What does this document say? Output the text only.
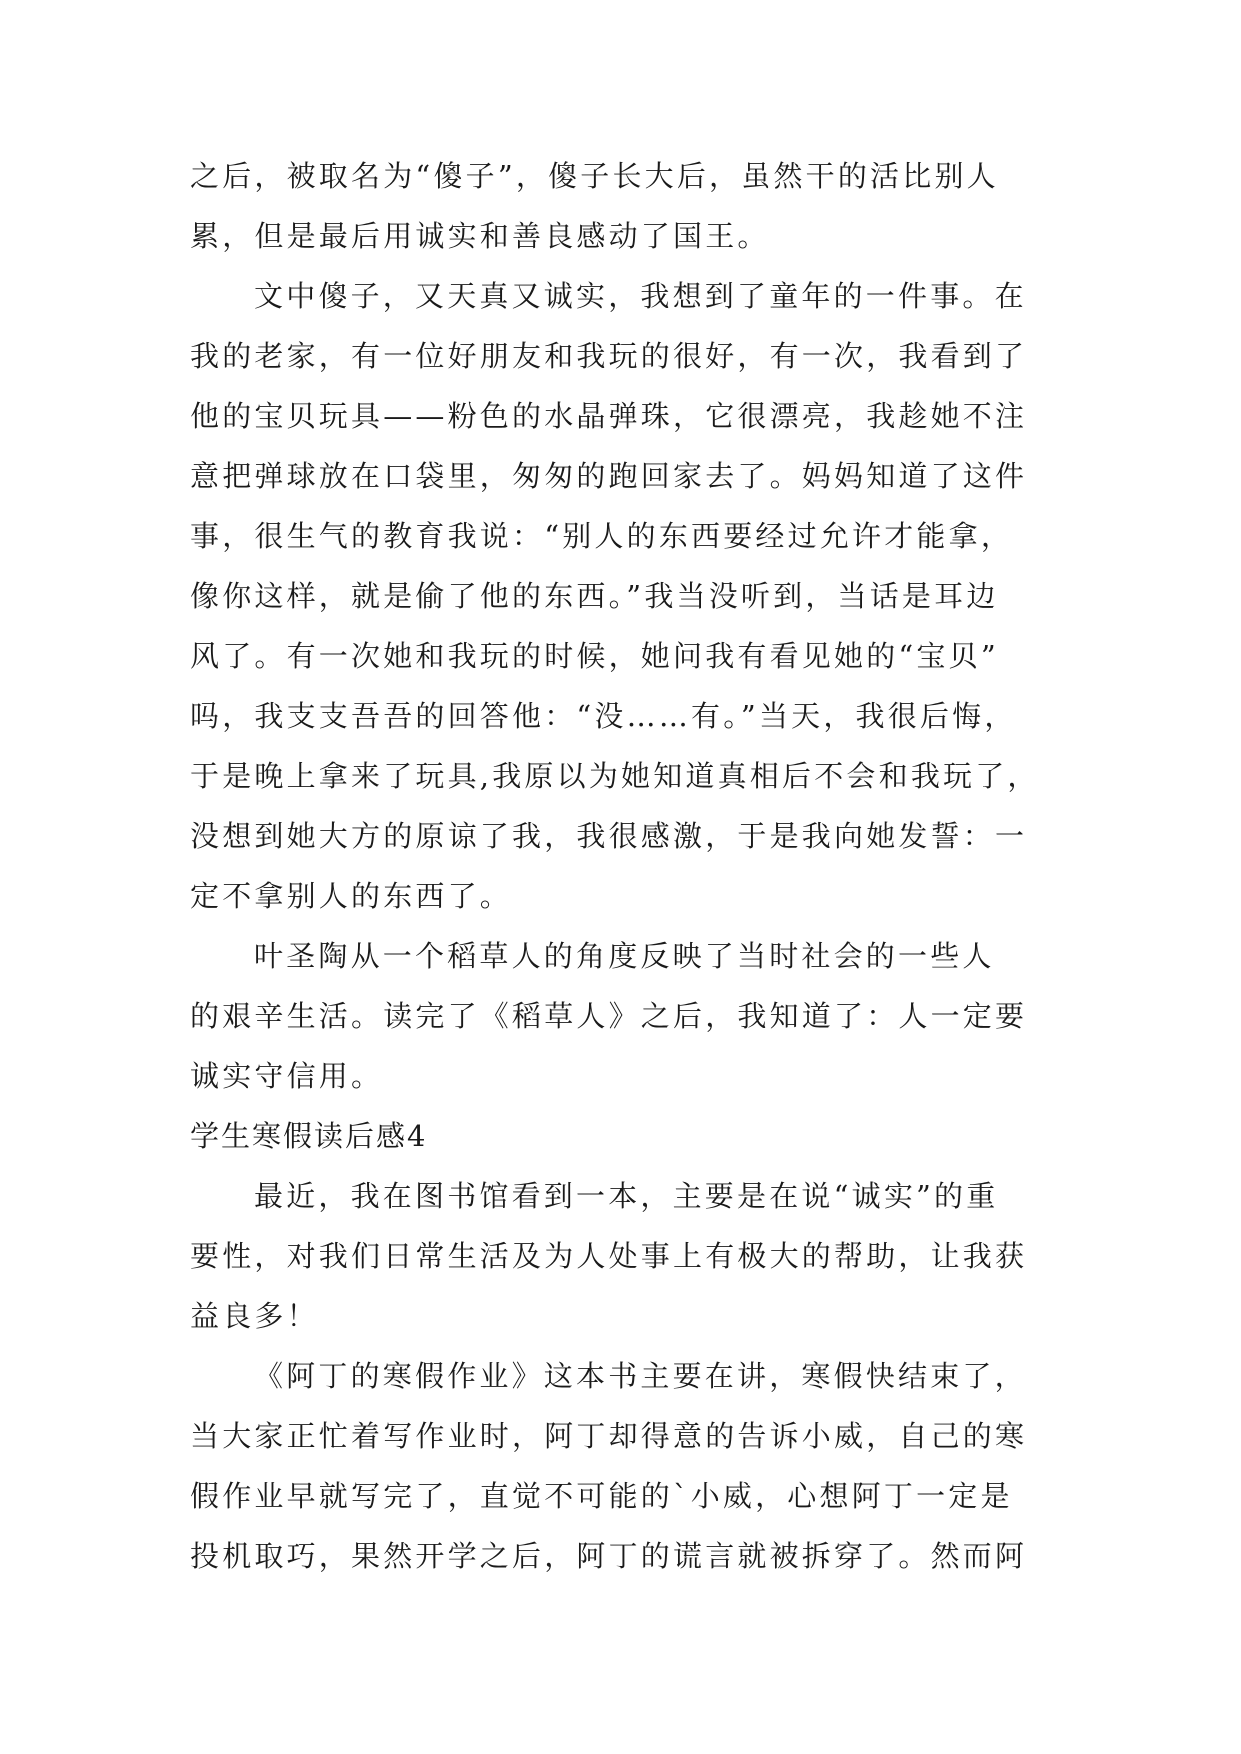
之后，被取名为“傻子”，傻子长大后，虽然干的活比别人
累，但是最后用诚实和善良感动了国王。
文中傻子，又天真又诚实，我想到了童年的一件事。在
我的老家，有一位好朋友和我玩的很好，有一次，我看到了
他的宝贝玩具——粉色的水晶弹珠，它很漂亮，我趁她不注
意把弹球放在口袋里，匆匆的跑回家去了。妈妈知道了这件
事，很生气的教育我说：“别人的东西要经过允许才能拿，
像你这样，就是偷了他的东西。”我当没听到，当话是耳边
风了。有一次她和我玩的时候，她问我有看见她的“宝贝”
吗，我支支吾吾的回答他：“没……有。”当天，我很后悔，
于是晚上拿来了玩具,我原以为她知道真相后不会和我玩了，
没想到她大方的原谅了我，我很感激，于是我向她发誓：一
定不拿别人的东西了。
叶圣陶从一个稻草人的角度反映了当时社会的一些人
的艰辛生活。读完了《稻草人》之后，我知道了：人一定要
诚实守信用。
学生寒假读后感4
最近，我在图书馆看到一本，主要是在说“诚实”的重
要性，对我们日常生活及为人处事上有极大的帮助，让我获
益良多！
《阿丁的寒假作业》这本书主要在讲，寒假快结束了，
当大家正忙着写作业时，阿丁却得意的告诉小威，自己的寒
假作业早就写完了，直觉不可能的`小威，心想阿丁一定是
投机取巧，果然开学之后，阿丁的谎言就被拆穿了。然而阿
